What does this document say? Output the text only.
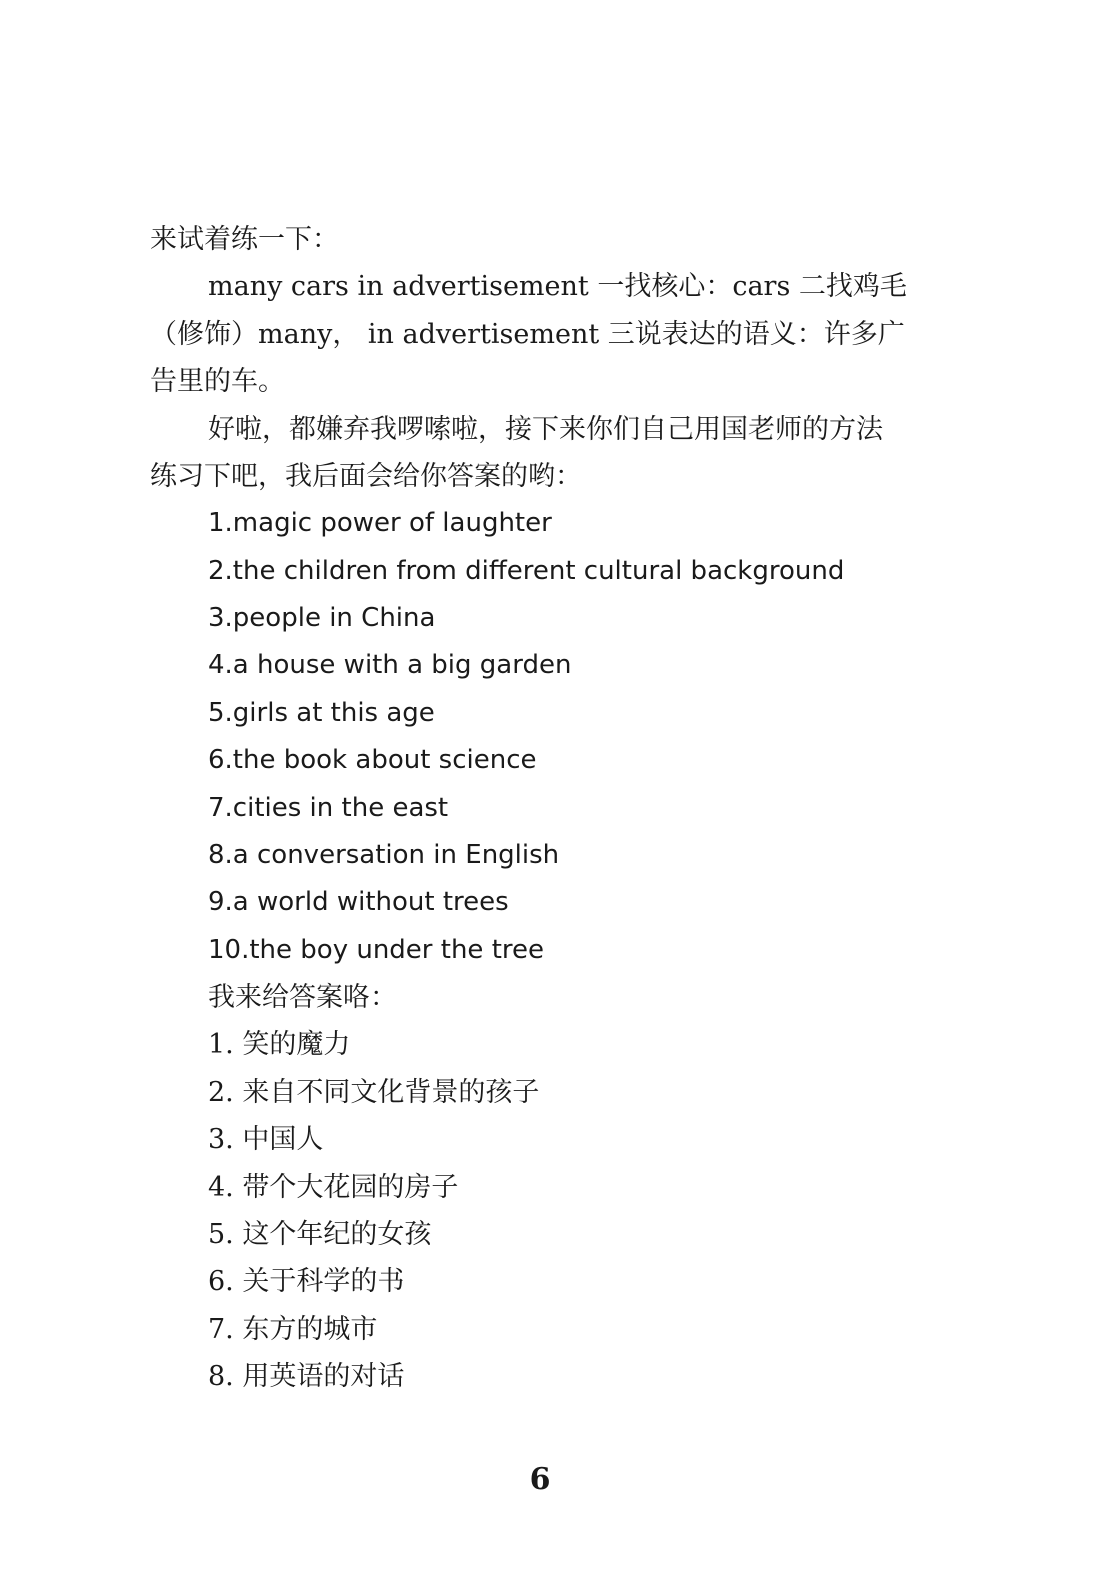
来试着练一下：
many cars in advertisement 一找核心：cars 二找鸡毛
（修饰）many， in advertisement 三说表达的语义：许多广
告里的车。
好啦，都嫌弃我啰嗦啦，接下来你们自己用国老师的方法
练习下吧，我后面会给你答案的哟：
1.magic power of laughter
2.the children from different cultural background
3.people in China
4.a house with a big garden
5.girls at this age
6.the book about science
7.cities in the east
8.a conversation in English
9.a world without trees
10.the boy under the tree
我来给答案咯：
1. 笑的魔力
2. 来自不同文化背景的孩子
3. 中国人
4. 带个大花园的房子
5. 这个年纪的女孩
6. 关于科学的书
7. 东方的城市
8. 用英语的对话
6
